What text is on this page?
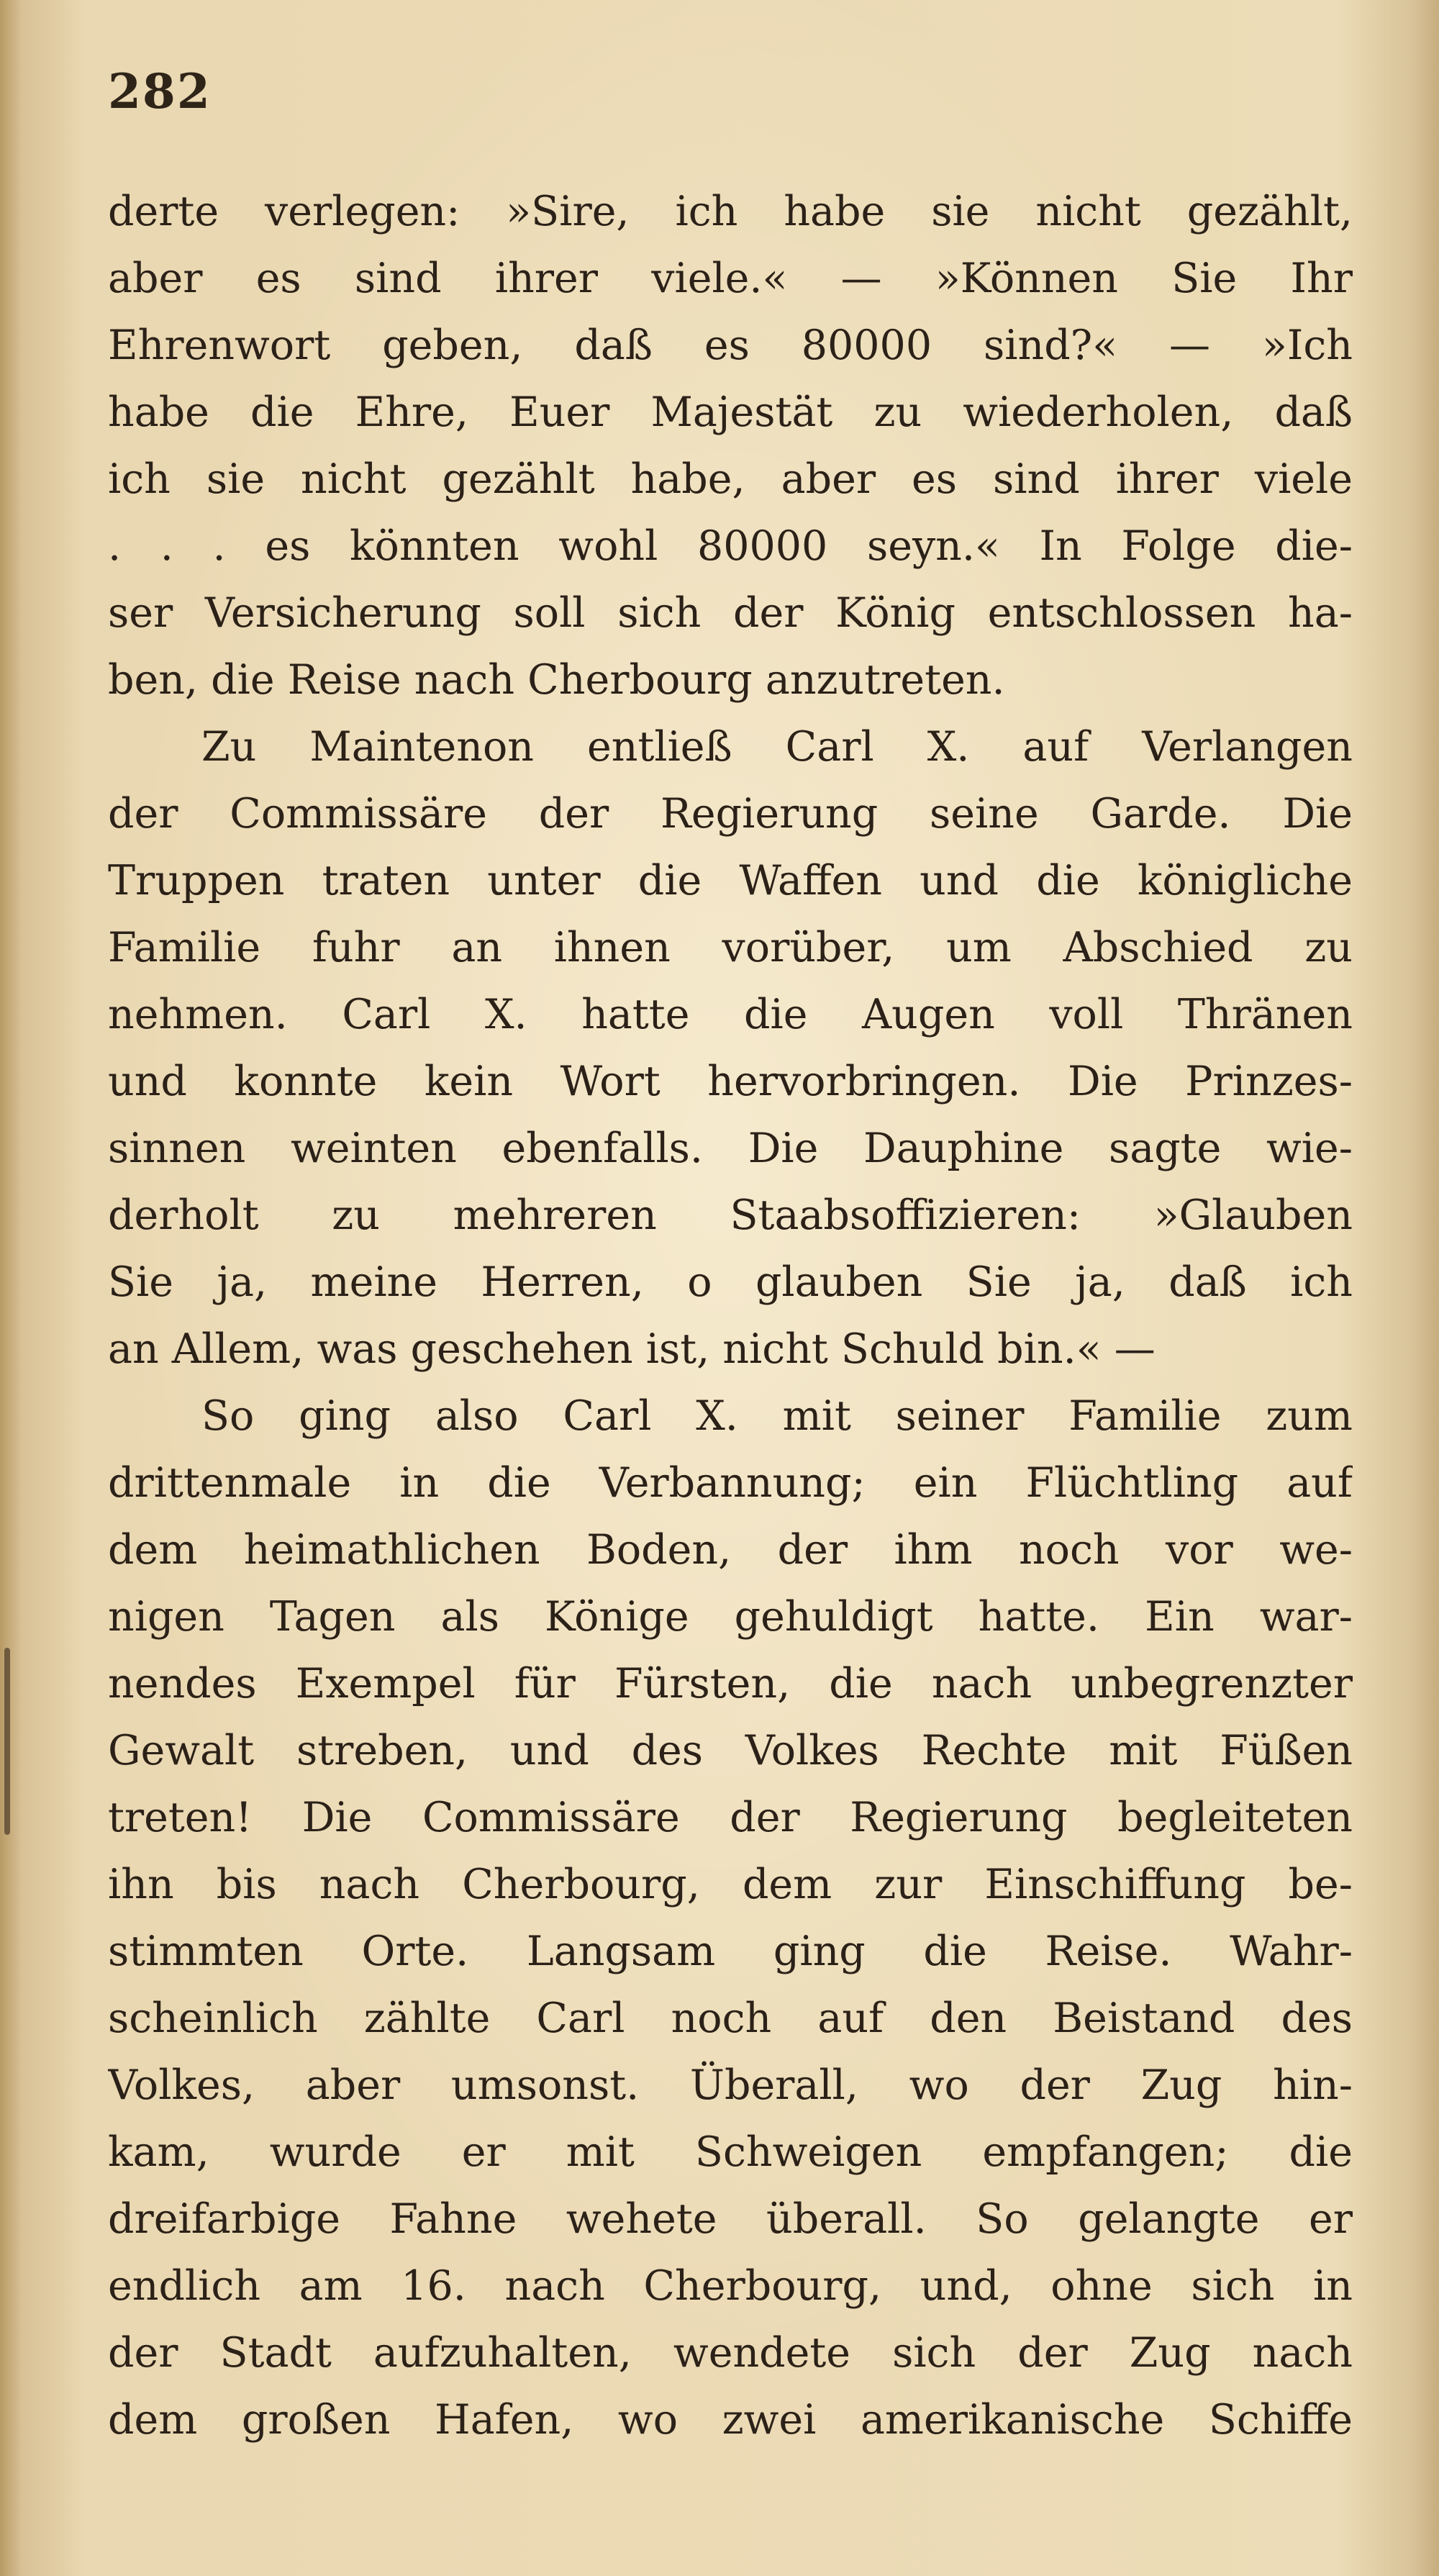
282
derte verlegen: »Sire, ich habe sie nicht gezählt,
aber es sind ihrer viele.« — »Können Sie Ihr
Ehrenwort geben, daß es 80000 sind?« — »Ich
habe die Ehre, Euer Majestät zu wiederholen, daß
ich sie nicht gezählt habe, aber es sind ihrer viele
. . . es könnten wohl 80000 seyn.« In Folge die-
ser Versicherung soll sich der König entschlossen ha-
ben, die Reise nach Cherbourg anzutreten.
Zu Maintenon entließ Carl X. auf Verlangen
der Commissäre der Regierung seine Garde. Die
Truppen traten unter die Waffen und die königliche
Familie fuhr an ihnen vorüber, um Abschied zu
nehmen. Carl X. hatte die Augen voll Thränen
und konnte kein Wort hervorbringen. Die Prinzes-
sinnen weinten ebenfalls. Die Dauphine sagte wie-
derholt zu mehreren Staabsoffizieren: »Glauben
Sie ja, meine Herren, o glauben Sie ja, daß ich
an Allem, was geschehen ist, nicht Schuld bin.« —
So ging also Carl X. mit seiner Familie zum
drittenmale in die Verbannung; ein Flüchtling auf
dem heimathlichen Boden, der ihm noch vor we-
nigen Tagen als Könige gehuldigt hatte. Ein war-
nendes Exempel für Fürsten, die nach unbegrenzter
Gewalt streben, und des Volkes Rechte mit Füßen
treten! Die Commissäre der Regierung begleiteten
ihn bis nach Cherbourg, dem zur Einschiffung be-
stimmten Orte. Langsam ging die Reise. Wahr-
scheinlich zählte Carl noch auf den Beistand des
Volkes, aber umsonst. Überall, wo der Zug hin-
kam, wurde er mit Schweigen empfangen; die
dreifarbige Fahne wehete überall. So gelangte er
endlich am 16. nach Cherbourg, und, ohne sich in
der Stadt aufzuhalten, wendete sich der Zug nach
dem großen Hafen, wo zwei amerikanische Schiffe
